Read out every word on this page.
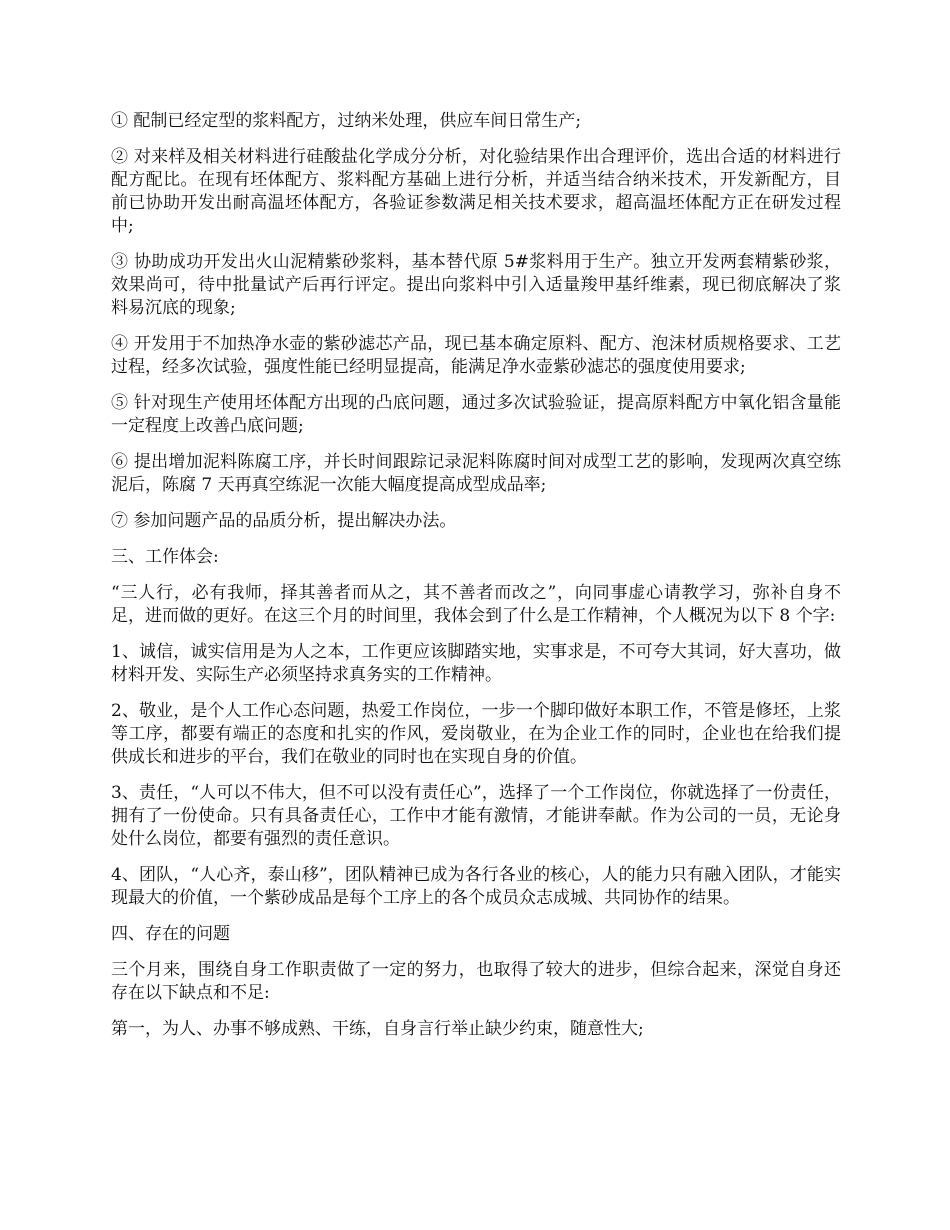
① 配制已经定型的浆料配方，过纳米处理，供应车间日常生产;

② 对来样及相关材料进行硅酸盐化学成分分析，对化验结果作出合理评价，选出合适的材料进行配方配比。在现有坯体配方、浆料配方基础上进行分析，并适当结合纳米技术，开发新配方，目前已协助开发出耐高温坯体配方，各验证参数满足相关技术要求，超高温坯体配方正在研发过程中;

③ 协助成功开发出火山泥精紫砂浆料，基本替代原 5#浆料用于生产。独立开发两套精紫砂浆，效果尚可，待中批量试产后再行评定。提出向浆料中引入适量羧甲基纤维素，现已彻底解决了浆料易沉底的现象;

④ 开发用于不加热净水壶的紫砂滤芯产品，现已基本确定原料、配方、泡沫材质规格要求、工艺过程，经多次试验，强度性能已经明显提高，能满足净水壶紫砂滤芯的强度使用要求;

⑤ 针对现生产使用坯体配方出现的凸底问题，通过多次试验验证，提高原料配方中氧化铝含量能一定程度上改善凸底问题;

⑥ 提出增加泥料陈腐工序，并长时间跟踪记录泥料陈腐时间对成型工艺的影响，发现两次真空练泥后，陈腐 7 天再真空练泥一次能大幅度提高成型成品率;

⑦ 参加问题产品的品质分析，提出解决办法。

三、工作体会:

“三人行，必有我师，择其善者而从之，其不善者而改之”，向同事虚心请教学习，弥补自身不足，进而做的更好。在这三个月的时间里，我体会到了什么是工作精神，个人概况为以下 8 个字:

1、诚信，诚实信用是为人之本，工作更应该脚踏实地，实事求是，不可夸大其词，好大喜功，做材料开发、实际生产必须坚持求真务实的工作精神。

2、敬业，是个人工作心态问题，热爱工作岗位，一步一个脚印做好本职工作，不管是修坯，上浆等工序，都要有端正的态度和扎实的作风，爱岗敬业，在为企业工作的同时，企业也在给我们提供成长和进步的平台，我们在敬业的同时也在实现自身的价值。

3、责任，“人可以不伟大，但不可以没有责任心”，选择了一个工作岗位，你就选择了一份责任，拥有了一份使命。只有具备责任心，工作中才能有激情，才能讲奉献。作为公司的一员，无论身处什么岗位，都要有强烈的责任意识。

4、团队，“人心齐，泰山移”，团队精神已成为各行各业的核心，人的能力只有融入团队，才能实现最大的价值，一个紫砂成品是每个工序上的各个成员众志成城、共同协作的结果。

四、存在的问题

三个月来，围绕自身工作职责做了一定的努力，也取得了较大的进步，但综合起来，深觉自身还存在以下缺点和不足:

第一，为人、办事不够成熟、干练，自身言行举止缺少约束，随意性大;
